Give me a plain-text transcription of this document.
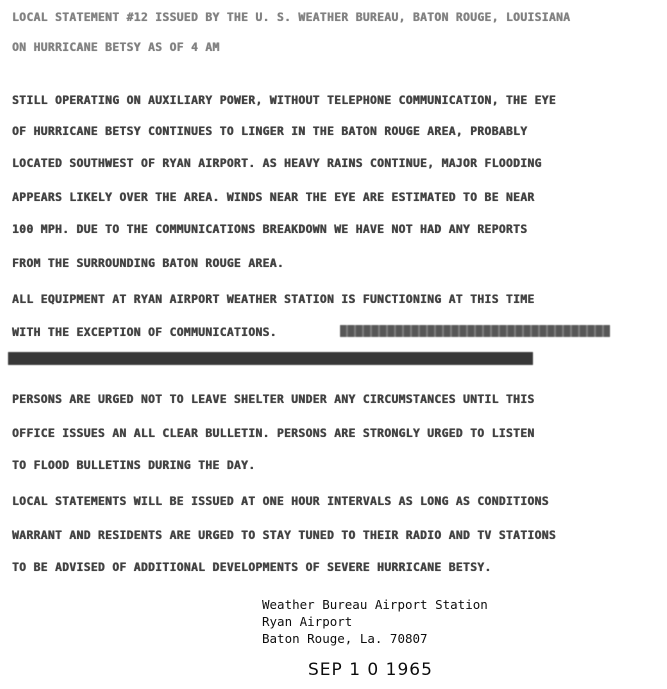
LOCAL STATEMENT #12 ISSUED BY THE U. S. WEATHER BUREAU, BATON ROUGE, LOUISIANA
ON HURRICANE BETSY AS OF 4 AM
STILL OPERATING ON AUXILIARY POWER, WITHOUT TELEPHONE COMMUNICATION, THE EYE
OF HURRICANE BETSY CONTINUES TO LINGER IN THE BATON ROUGE AREA, PROBABLY
LOCATED SOUTHWEST OF RYAN AIRPORT. AS HEAVY RAINS CONTINUE, MAJOR FLOODING
APPEARS LIKELY OVER THE AREA. WINDS NEAR THE EYE ARE ESTIMATED TO BE NEAR
100 MPH. DUE TO THE COMMUNICATIONS BREAKDOWN WE HAVE NOT HAD ANY REPORTS
FROM THE SURROUNDING BATON ROUGE AREA.
ALL EQUIPMENT AT RYAN AIRPORT WEATHER STATION IS FUNCTIONING AT THIS TIME
WITH THE EXCEPTION OF COMMUNICATIONS.
PERSONS ARE URGED NOT TO LEAVE SHELTER UNDER ANY CIRCUMSTANCES UNTIL THIS
OFFICE ISSUES AN ALL CLEAR BULLETIN. PERSONS ARE STRONGLY URGED TO LISTEN
TO FLOOD BULLETINS DURING THE DAY.
LOCAL STATEMENTS WILL BE ISSUED AT ONE HOUR INTERVALS AS LONG AS CONDITIONS
WARRANT AND RESIDENTS ARE URGED TO STAY TUNED TO THEIR RADIO AND TV STATIONS
TO BE ADVISED OF ADDITIONAL DEVELOPMENTS OF SEVERE HURRICANE BETSY.
Weather Bureau Airport Station
Ryan Airport
Baton Rouge, La. 70807
SEP 1 0 1965
